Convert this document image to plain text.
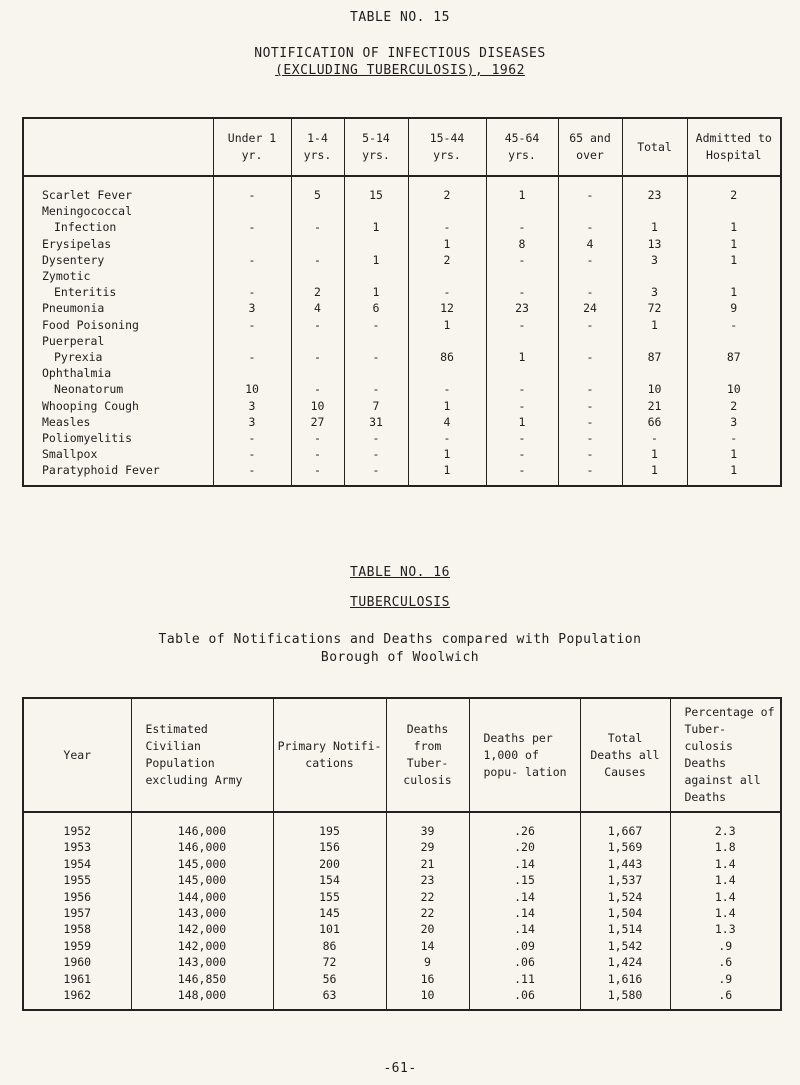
TABLE NO. 15
NOTIFICATION OF INFECTIOUS DISEASES
(EXCLUDING TUBERCULOSIS), 1962
	Under 1 yr.	1-4 yrs.	5-14 yrs.	15-44 yrs.	45-64 yrs.	65 and over	Total	Admitted to Hospital
Scarlet Fever	-	5	15	2	1	-	23	2
Meningococcal								
Infection	-	-	1	-	-	-	1	1
Erysipelas				1	8	4	13	1
Dysentery	-	-	1	2	-	-	3	1
Zymotic								
Enteritis	-	2	1	-	-	-	3	1
Pneumonia	3	4	6	12	23	24	72	9
Food Poisoning	-	-	-	1	-	-	1	-
Puerperal								
Pyrexia	-	-	-	86	1	-	87	87
Ophthalmia								
Neonatorum	10	-	-	-	-	-	10	10
Whooping Cough	3	10	7	1	-	-	21	2
Measles	3	27	31	4	1	-	66	3
Poliomyelitis	-	-	-	-	-	-	-	-
Smallpox	-	-	-	1	-	-	1	1
Paratyphoid Fever	-	-	-	1	-	-	1	1
TABLE NO. 16
TUBERCULOSIS
Table of Notifications and Deaths compared with Population
Borough of Woolwich
Year	Estimated Civilian Population excluding Army	Primary Notifi- cations	Deaths from Tuber- culosis	Deaths per 1,000 of popu- lation	Total Deaths all Causes	Percentage of Tuber- culosis Deaths against all Deaths
1952	146,000	195	39	.26	1,667	2.3
1953	146,000	156	29	.20	1,569	1.8
1954	145,000	200	21	.14	1,443	1.4
1955	145,000	154	23	.15	1,537	1.4
1956	144,000	155	22	.14	1,524	1.4
1957	143,000	145	22	.14	1,504	1.4
1958	142,000	101	20	.14	1,514	1.3
1959	142,000	86	14	.09	1,542	.9
1960	143,000	72	9	.06	1,424	.6
1961	146,850	56	16	.11	1,616	.9
1962	148,000	63	10	.06	1,580	.6
-61-
